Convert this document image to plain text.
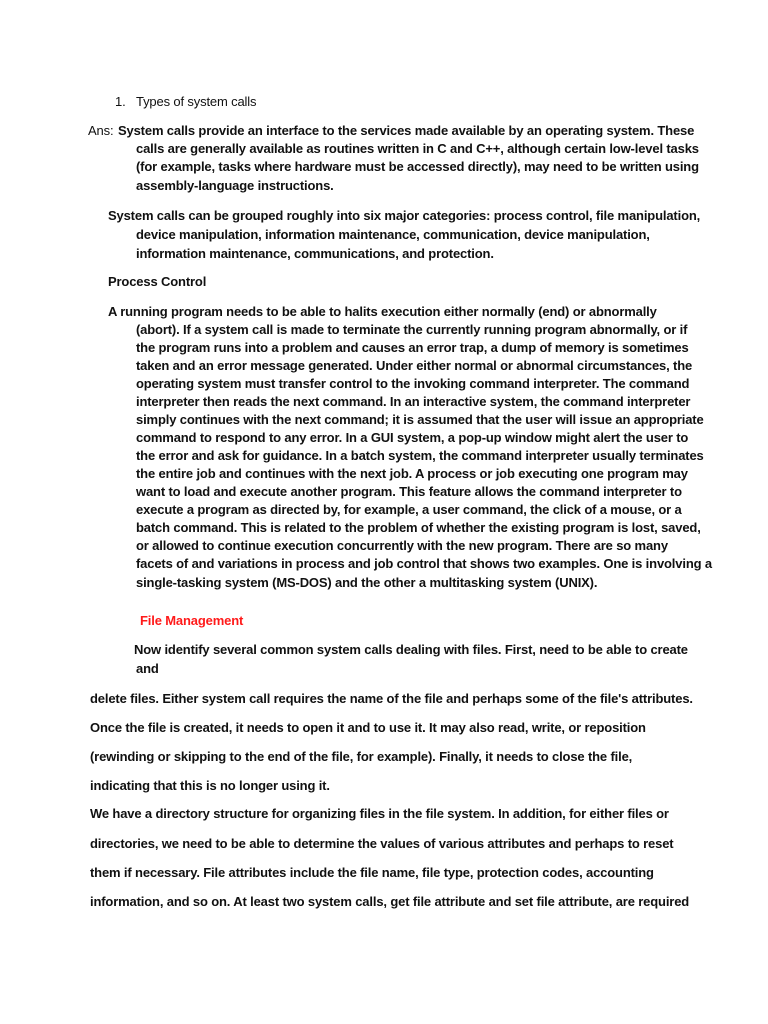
1. Types of system calls
Ans: System calls provide an interface to the services made available by an operating system. These
calls are generally available as routines written in C and C++, although certain low-level tasks
(for example, tasks where hardware must be accessed directly), may need to be written using
assembly-language instructions.
System calls can be grouped roughly into six major categories: process control, file manipulation,
device manipulation, information maintenance, communication, device manipulation,
information maintenance, communications, and protection.
Process Control
A running program needs to be able to halits execution either normally (end) or abnormally
(abort). If a system call is made to terminate the currently running program abnormally, or if
the program runs into a problem and causes an error trap, a dump of memory is sometimes
taken and an error message generated. Under either normal or abnormal circumstances, the
operating system must transfer control to the invoking command interpreter. The command
interpreter then reads the next command. In an interactive system, the command interpreter
simply continues with the next command; it is assumed that the user will issue an appropriate
command to respond to any error. In a GUI system, a pop-up window might alert the user to
the error and ask for guidance. In a batch system, the command interpreter usually terminates
the entire job and continues with the next job. A process or job executing one program may
want to load and execute another program. This feature allows the command interpreter to
execute a program as directed by, for example, a user command, the click of a mouse, or a
batch command. This is related to the problem of whether the existing program is lost, saved,
or allowed to continue execution concurrently with the new program. There are so many
facets of and variations in process and job control that shows two examples. One is involving a
single-tasking system (MS-DOS) and the other a multitasking system (UNIX).
File Management
Now identify several common system calls dealing with files. First, need to be able to create
and
delete files. Either system call requires the name of the file and perhaps some of the file's attributes.
Once the file is created, it needs to open it and to use it. It may also read, write, or reposition
(rewinding or skipping to the end of the file, for example). Finally, it needs to close the file,
indicating that this is no longer using it.
We have a directory structure for organizing files in the file system. In addition, for either files or
directories, we need to be able to determine the values of various attributes and perhaps to reset
them if necessary. File attributes include the file name, file type, protection codes, accounting
information, and so on. At least two system calls, get file attribute and set file attribute, are required
